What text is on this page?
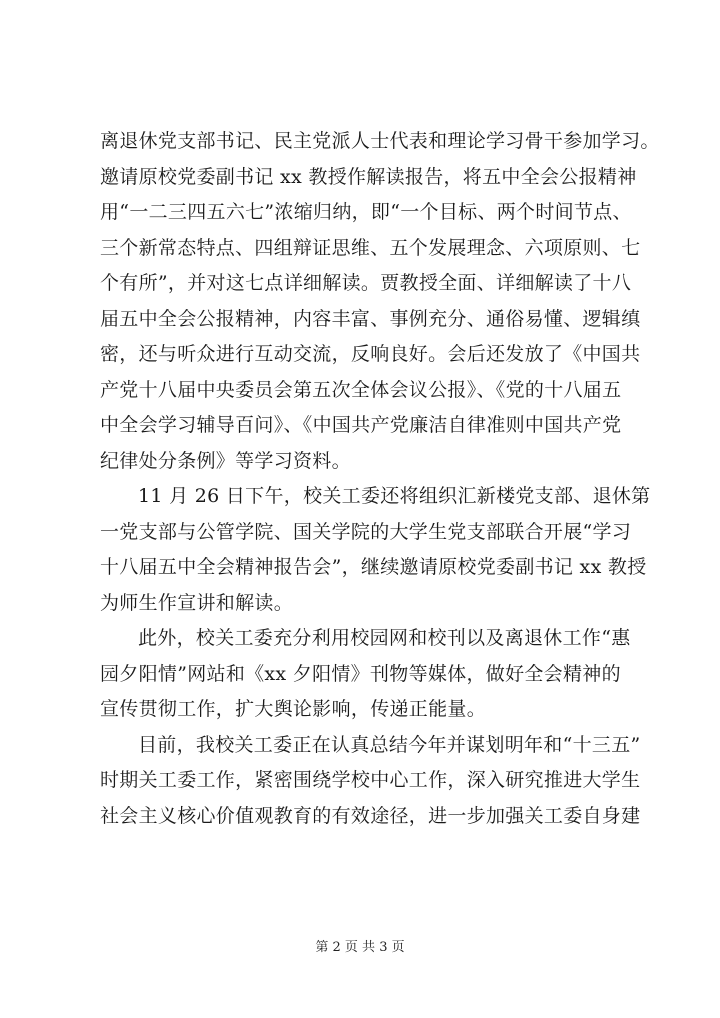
离退休党支部书记、民主党派人士代表和理论学习骨干参加学习。
邀请原校党委副书记 xx 教授作解读报告，将五中全会公报精神
用“一二三四五六七”浓缩归纳，即“一个目标、两个时间节点、
三个新常态特点、四组辩证思维、五个发展理念、六项原则、七
个有所”，并对这七点详细解读。贾教授全面、详细解读了十八
届五中全会公报精神，内容丰富、事例充分、通俗易懂、逻辑缜
密，还与听众进行互动交流，反响良好。会后还发放了《中国共
产党十八届中央委员会第五次全体会议公报》、《党的十八届五
中全会学习辅导百问》、《中国共产党廉洁自律准则中国共产党
纪律处分条例》等学习资料。
11 月 26 日下午，校关工委还将组织汇新楼党支部、退休第
一党支部与公管学院、国关学院的大学生党支部联合开展“学习
十八届五中全会精神报告会”，继续邀请原校党委副书记 xx 教授
为师生作宣讲和解读。
此外，校关工委充分利用校园网和校刊以及离退休工作“惠
园夕阳情”网站和《xx 夕阳情》刊物等媒体，做好全会精神的
宣传贯彻工作，扩大舆论影响，传递正能量。
目前，我校关工委正在认真总结今年并谋划明年和“十三五”
时期关工委工作，紧密围绕学校中心工作，深入研究推进大学生
社会主义核心价值观教育的有效途径，进一步加强关工委自身建
第 2 页 共 3 页
